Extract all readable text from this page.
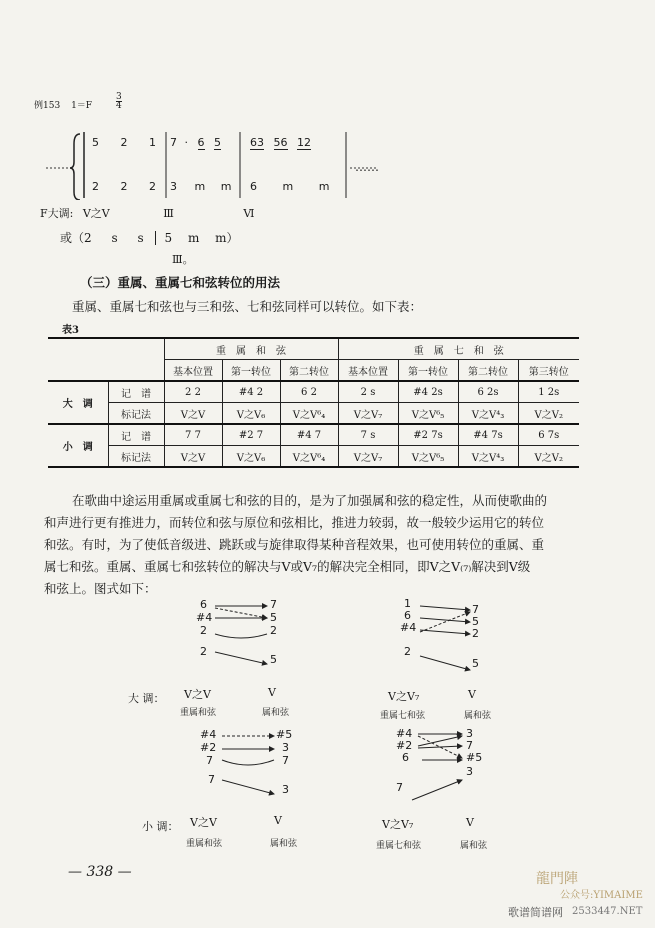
例153 1＝F
3
4
5 2 1 7 · 6 5	63 56 12
……
2 2 2 3 m m 6 m m
F大调: V之V	Ⅲ	Ⅵ
或（2 s s 5 m m）
Ⅲ。
（三）重属、重属七和弦转位的用法
重属、重属七和弦也与三和弦、七和弦同样可以转位。如下表：
表3
		重　属　和　弦			重　属　七　和　弦			
		基本位置	第一转位	第二转位	基本位置	第一转位	第二转位	第三转位
大　调	记　谱	2 2	#4 2	6 2	2 s	#4 2s	6 2s	1 2s
	标记法	V之V	V之V₆	V之V⁶₄	V之V₇	V之V⁶₅	V之V⁴₃	V之V₂
小　调	记　谱	7 7	#2 7	#4 7	7 s	#2 7s	#4 7s	6 7s
	标记法	V之V	V之V₆	V之V⁶₄	V之V₇	V之V⁶₅	V之V⁴₃	V之V₂
在歌曲中途运用重属或重属七和弦的目的，是为了加强属和弦的稳定性，从而使歌曲的
和声进行更有推进力，而转位和弦与原位和弦相比，推进力较弱，故一般较少运用它的转位
和弦。有时，为了使低音级进、跳跃或与旋律取得某种音程效果，也可使用转位的重属、重
属七和弦。重属、重属七和弦转位的解决与V或V₇的解决完全相同，即V之V₍₇₎解决到V级
和弦上。图式如下：
6
#4
2
2
7
5
2
5
1
6
#4
2
7
5
2
5
大 调： V之V	V
重属和弦	属和弦
V之V₇	V
重属七和弦	属和弦
#4
#2
7
7
#5
3
7
3
#4
#2
6
7
3
7
#5
3
小 调： V之V	V
重属和弦	属和弦
V之V₇	V
重属七和弦	属和弦
— 338 —	龍門陣
公众号:YIMAIME
歌谱简谱网 2533447.NET
